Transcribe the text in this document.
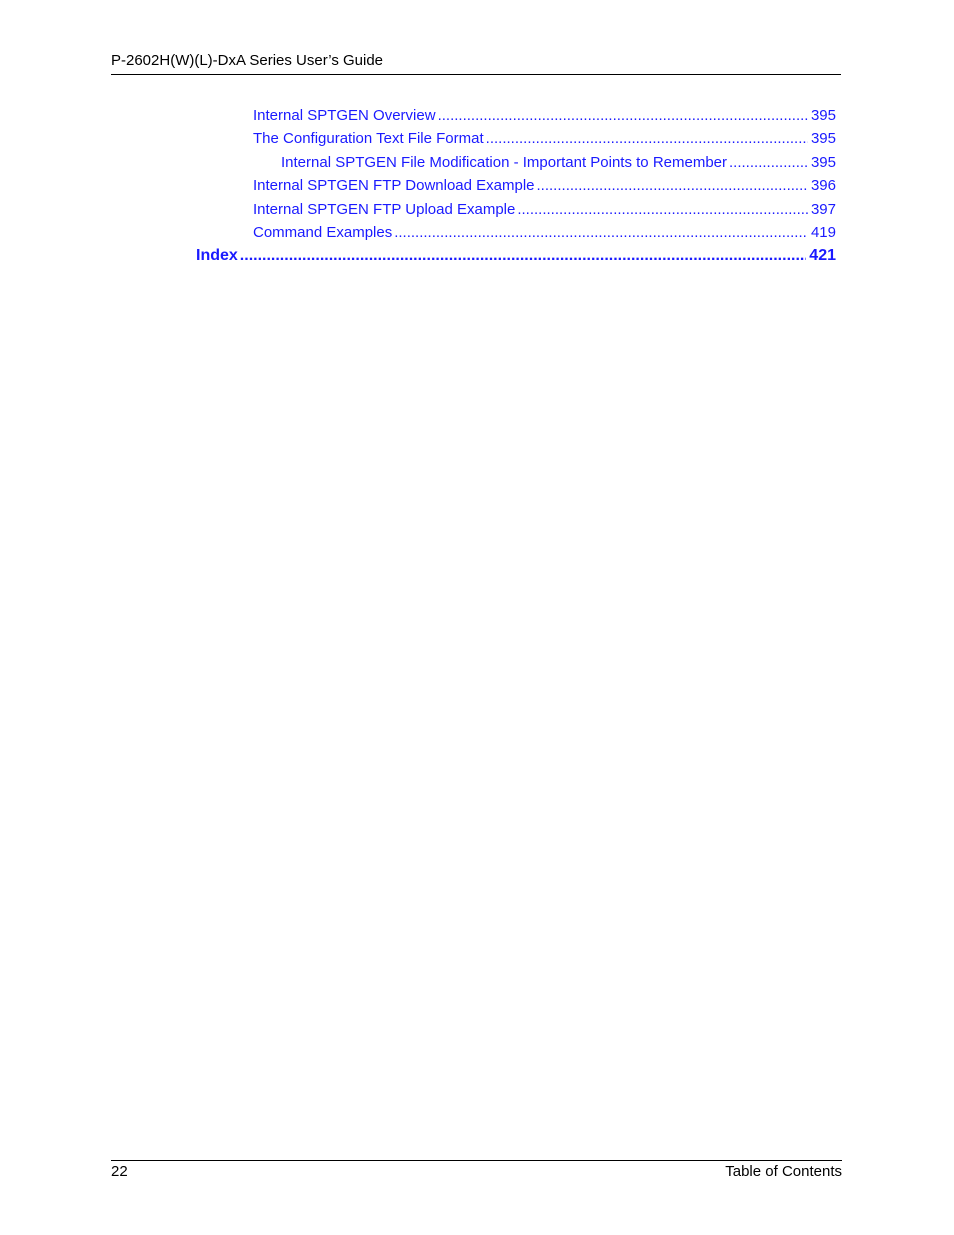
P-2602H(W)(L)-DxA Series User’s Guide
Internal SPTGEN Overview .....	395
The Configuration Text File Format .....	395
Internal SPTGEN File Modification - Important Points to Remember .....	395
Internal SPTGEN FTP Download Example .....	396
Internal SPTGEN FTP Upload Example .....	397
Command Examples .....	419
Index .....	421
22	Table of Contents
